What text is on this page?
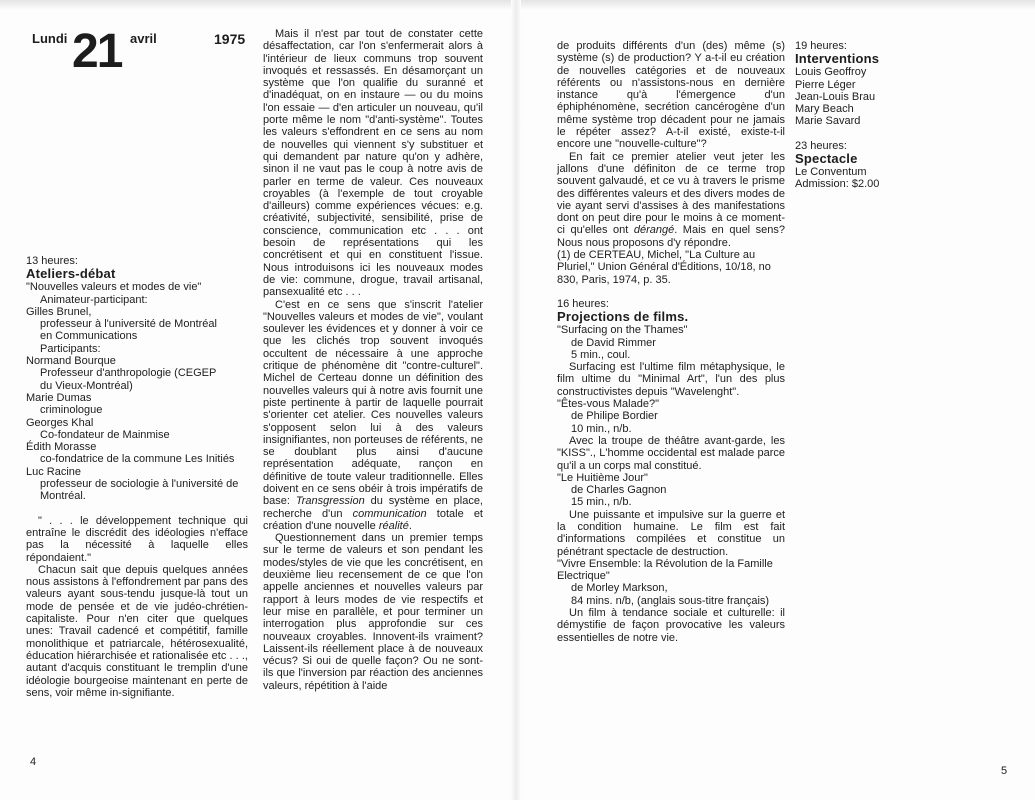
Lundi 21 avril	1975

13 heures:

Ateliers-débat

"Nouvelles valeurs et modes de vie"

Animateur-participant:

Gilles Brunel,

professeur à l'université de Montréal

en Communications

Participants:

Normand Bourque

Professeur d'anthropologie (CEGEP

du Vieux-Montréal)

Marie Dumas

criminologue

Georges Khal

Co-fondateur de Mainmise

Édith Morasse

co-fondatrice de la commune Les Initiés

Luc Racine

professeur de sociologie à l'université de Montréal.

" . . . le développement technique qui entraîne le discrédit des idéologies n'efface pas la nécessité à laquelle elles répondaient."

Chacun sait que depuis quelques années nous assistons à l'effondrement par pans des valeurs ayant sous-tendu jusque-là tout un mode de pensée et de vie judéo-chrétien-capitaliste. Pour n'en citer que quelques unes: Travail cadencé et compétitif, famille monolithique et patriarcale, hétérosexualité, éducation hiérarchisée et rationalisée etc . . ., autant d'acquis constituant le tremplin d'une idéologie bourgeoise maintenant en perte de sens, voir même in-signifiante.

Mais il n'est par tout de constater cette désaffectation, car l'on s'enfermerait alors à l'intérieur de lieux communs trop souvent invoqués et ressassés. En désamorçant un système que l'on qualifie du suranné et d'inadéquat, on en instaure — ou du moins l'on essaie — d'en articuler un nouveau, qu'il porte même le nom "d'anti-système". Toutes les valeurs s'effondrent en ce sens au nom de nouvelles qui viennent s'y substituer et qui demandent par nature qu'on y adhère, sinon il ne vaut pas le coup à notre avis de parler en terme de valeur. Ces nouveaux croyables (à l'exemple de tout croyable d'ailleurs) comme expériences vécues: e.g. créativité, subjectivité, sensibilité, prise de conscience, communication etc . . . ont besoin de représentations qui les concrétisent et qui en constituent l'issue. Nous introduisons ici les nouveaux modes de vie: commune, drogue, travail artisanal, pansexualité etc . . .

C'est en ce sens que s'inscrit l'atelier "Nouvelles valeurs et modes de vie", voulant soulever les évidences et y donner à voir ce que les clichés trop souvent invoqués occultent de nécessaire à une approche critique de phénomène dit "contre-culturel". Michel de Certeau donne un définition des nouvelles valeurs qui à notre avis fournit une piste pertinente à partir de laquelle pourrait s'orienter cet atelier. Ces nouvelles valeurs s'opposent selon lui à des valeurs insignifiantes, non porteuses de référents, ne se doublant plus ainsi d'aucune représentation adéquate, rançon en définitive de toute valeur traditionnelle. Elles doivent en ce sens obéir à trois impératifs de base: Transgression du système en place, recherche d'un communication totale et création d'une nouvelle réalité.

Questionnement dans un premier temps sur le terme de valeurs et son pendant les modes/styles de vie que les concrétisent, en deuxième lieu recensement de ce que l'on appelle anciennes et nouvelles valeurs par rapport à leurs modes de vie respectifs et leur mise en parallèle, et pour terminer un interrogation plus approfondie sur ces nouveaux croyables. Innovent-ils vraiment? Laissent-ils réellement place à de nouveaux vécus? Si oui de quelle façon? Ou ne sont-ils que l'inversion par réaction des anciennes valeurs, répétition à l'aide

de produits différents d'un (des) même (s) système (s) de production? Y a-t-il eu création de nouvelles catégories et de nouveaux référents ou n'assistons-nous en dernière instance qu'à l'émergence d'un éphiphénomène, secrétion cancérogène d'un même système trop décadent pour ne jamais le répéter assez? A-t-il existé, existe-t-il encore une "nouvelle-culture"?

En fait ce premier atelier veut jeter les jallons d'une définiton de ce terme trop souvent galvaudé, et ce vu à travers le prisme des différentes valeurs et des divers modes de vie ayant servi d'assises à des manifestations dont on peut dire pour le moins à ce moment-ci qu'elles ont dérangé. Mais en quel sens? Nous nous proposons d'y répondre.

(1) de CERTEAU, Michel, "La Culture au Pluriel," Union Général d'Éditions, 10/18, no 830, Paris, 1974, p. 35.

16 heures:

Projections de films.

"Surfacing on the Thames"

de David Rimmer

5 min., coul.

Surfacing est l'ultime film métaphysique, le film ultime du "Minimal Art", l'un des plus constructivistes depuis "Wavelenght".

"Êtes-vous Malade?"

de Philipe Bordier

10 min., n/b.

Avec la troupe de théâtre avant-garde, les "KISS"., L'homme occidental est malade parce qu'il a un corps mal constitué.

"Le Huitième Jour"

de Charles Gagnon

15 min., n/b.

Une puissante et impulsive sur la guerre et la condition humaine. Le film est fait d'informations compilées et constitue un pénétrant spectacle de destruction.

"Vivre Ensemble: la Révolution de la Famille Electrique"

de Morley Markson,

84 mins. n/b, (anglais sous-titre français)

Un film à tendance sociale et culturelle: il démystifie de façon provocative les valeurs essentielles de notre vie.

19 heures:

Interventions

Louis Geoffroy

Pierre Léger

Jean-Louis Brau

Mary Beach

Marie Savard

23 heures:

Spectacle

Le Conventum

Admission: $2.00

4
5
